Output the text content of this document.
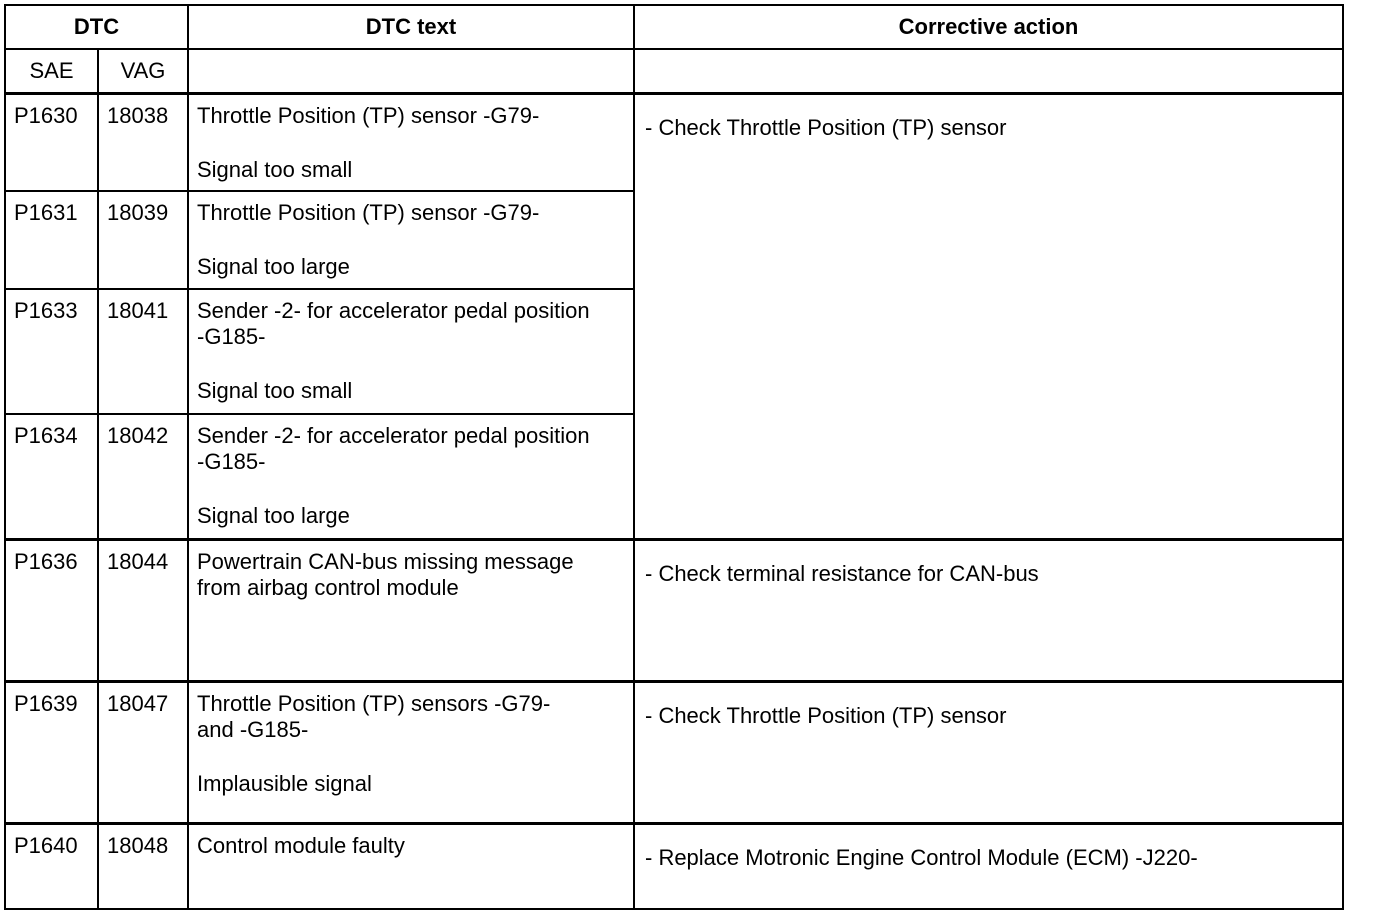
DTC		DTC text	Corrective action
SAE	VAG		
P1630	18038	Throttle Position (TP) sensor -G79-
Signal too small	- Check Throttle Position (TP) sensor
P1631	18039	Throttle Position (TP) sensor -G79-
Signal too large	

P1633	18041	Sender -2- for accelerator pedal position
-G185-
Signal too small	

P1634	18042	Sender -2- for accelerator pedal position
-G185-
Signal too large	

P1636	18044	Powertrain CAN-bus missing message
from airbag control module	- Check terminal resistance for CAN-bus
P1639	18047	Throttle Position (TP) sensors -G79-
and -G185-
Implausible signal	- Check Throttle Position (TP) sensor
P1640	18048	Control module faulty	- Replace Motronic Engine Control Module (ECM) -J220-
